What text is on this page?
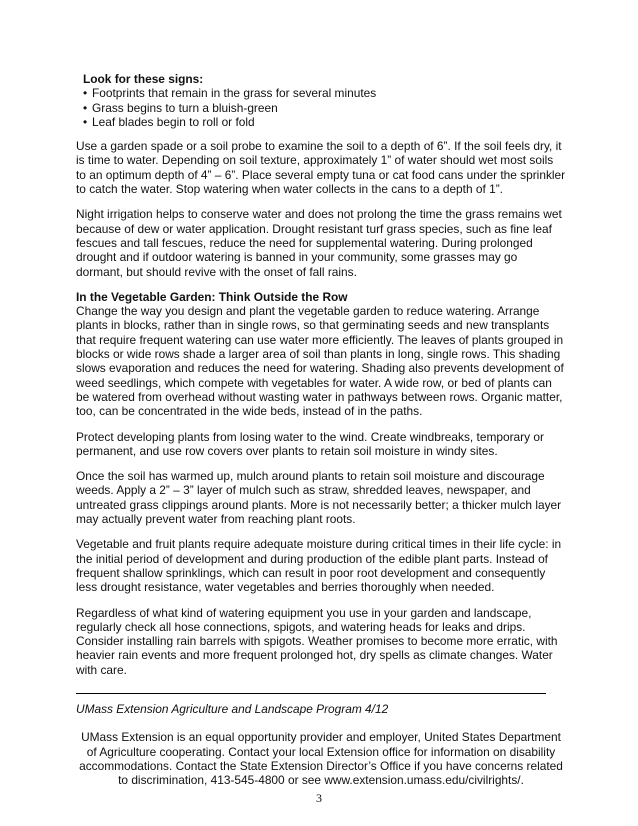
Look for these signs:
• Footprints that remain in the grass for several minutes
• Grass begins to turn a bluish-green
• Leaf blades begin to roll or fold

Use a garden spade or a soil probe to examine the soil to a depth of 6”. If the soil feels dry, it is time to water. Depending on soil texture, approximately 1” of water should wet most soils to an optimum depth of 4” – 6”. Place several empty tuna or cat food cans under the sprinkler to catch the water. Stop watering when water collects in the cans to a depth of 1”.

Night irrigation helps to conserve water and does not prolong the time the grass remains wet because of dew or water application. Drought resistant turf grass species, such as fine leaf fescues and tall fescues, reduce the need for supplemental watering. During prolonged drought and if outdoor watering is banned in your community, some grasses may go dormant, but should revive with the onset of fall rains.

In the Vegetable Garden: Think Outside the Row

Change the way you design and plant the vegetable garden to reduce watering. Arrange plants in blocks, rather than in single rows, so that germinating seeds and new transplants that require frequent watering can use water more efficiently. The leaves of plants grouped in blocks or wide rows shade a larger area of soil than plants in long, single rows. This shading slows evaporation and reduces the need for watering. Shading also prevents development of weed seedlings, which compete with vegetables for water. A wide row, or bed of plants can be watered from overhead without wasting water in pathways between rows. Organic matter, too, can be concentrated in the wide beds, instead of in the paths.

Protect developing plants from losing water to the wind. Create windbreaks, temporary or permanent, and use row covers over plants to retain soil moisture in windy sites.

Once the soil has warmed up, mulch around plants to retain soil moisture and discourage weeds. Apply a 2” – 3” layer of mulch such as straw, shredded leaves, newspaper, and untreated grass clippings around plants. More is not necessarily better; a thicker mulch layer may actually prevent water from reaching plant roots.

Vegetable and fruit plants require adequate moisture during critical times in their life cycle: in the initial period of development and during production of the edible plant parts. Instead of frequent shallow sprinklings, which can result in poor root development and consequently less drought resistance, water vegetables and berries thoroughly when needed.

Regardless of what kind of watering equipment you use in your garden and landscape, regularly check all hose connections, spigots, and watering heads for leaks and drips. Consider installing rain barrels with spigots. Weather promises to become more erratic, with heavier rain events and more frequent prolonged hot, dry spells as climate changes. Water with care.

UMass Extension Agriculture and Landscape Program 4/12
UMass Extension is an equal opportunity provider and employer, United States Department of Agriculture cooperating. Contact your local Extension office for information on disability accommodations. Contact the State Extension Director’s Office if you have concerns related to discrimination, 413-545-4800 or see www.extension.umass.edu/civilrights/.
3
